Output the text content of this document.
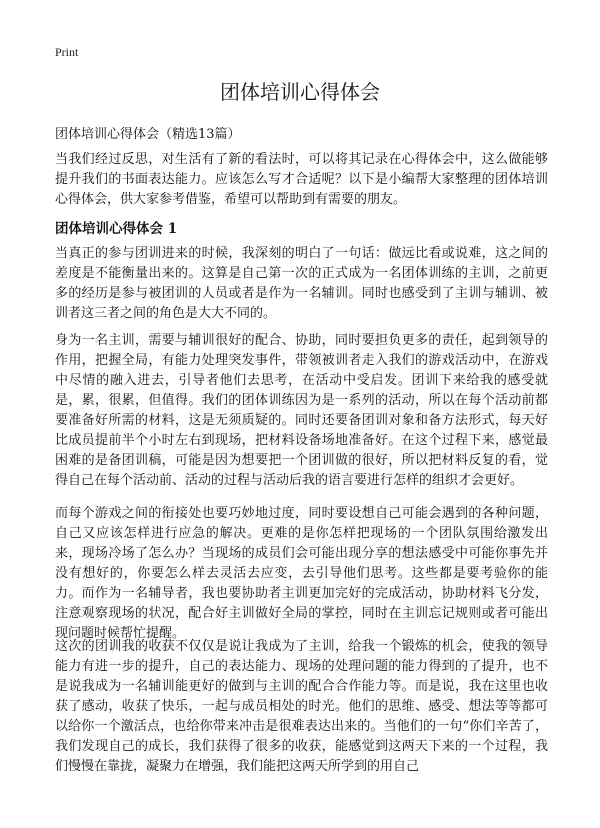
Print
团体培训心得体会
团体培训心得体会（精选13篇）

当我们经过反思，对生活有了新的看法时，可以将其记录在心得体会中，这么做能够提升我们的书面表达能力。应该怎么写才合适呢？以下是小编帮大家整理的团体培训心得体会，供大家参考借鉴，希望可以帮助到有需要的朋友。

团体培训心得体会 1

当真正的参与团训进来的时候，我深刻的明白了一句话：做远比看或说难，这之间的差度是不能衡量出来的。这算是自己第一次的正式成为一名团体训练的主训，之前更多的经历是参与被团训的人员或者是作为一名辅训。同时也感受到了主训与辅训、被训者这三者之间的角色是大大不同的。

身为一名主训，需要与辅训很好的配合、协助，同时要担负更多的责任，起到领导的作用，把握全局，有能力处理突发事件，带领被训者走入我们的游戏活动中，在游戏中尽情的融入进去，引导者他们去思考，在活动中受启发。团训下来给我的感受就是，累，很累，但值得。我们的团体训练因为是一系列的活动，所以在每个活动前都要准备好所需的材料，这是无须质疑的。同时还要备团训对象和备方法形式，每天好比成员提前半个小时左右到现场，把材料设备场地准备好。在这个过程下来，感觉最困难的是备团训稿，可能是因为想要把一个团训做的很好，所以把材料反复的看，觉得自己在每个活动前、活动的过程与活动后我的语言要进行怎样的组织才会更好。

而每个游戏之间的衔接处也要巧妙地过度，同时要设想自己可能会遇到的各种问题，自己又应该怎样进行应急的解决。更难的是你怎样把现场的一个团队氛围给激发出来，现场冷场了怎么办？当现场的成员们会可能出现分享的想法感受中可能你事先并没有想好的，你要怎么样去灵活去应变，去引导他们思考。这些都是要考验你的能力。而作为一名辅导者，我也要协助者主训更加完好的完成活动，协助材料飞分发，注意观察现场的状况，配合好主训做好全局的掌控，同时在主训忘记规则或者可能出现问题时候帮忙提醒。

这次的团训我的收获不仅仅是说让我成为了主训，给我一个锻炼的机会，使我的领导能力有进一步的提升，自己的表达能力、现场的处理问题的能力得到的了提升，也不是说我成为一名辅训能更好的做到与主训的配合合作能力等。而是说，我在这里也收获了感动，收获了快乐，一起与成员相处的时光。他们的思维、感受、想法等等都可以给你一个激活点，也给你带来冲击是很难表达出来的。当他们的一句“你们辛苦了，我们发现自己的成长，我们获得了很多的收获，能感觉到这两天下来的一个过程，我们慢慢在靠拢，凝聚力在增强，我们能把这两天所学到的用自己
